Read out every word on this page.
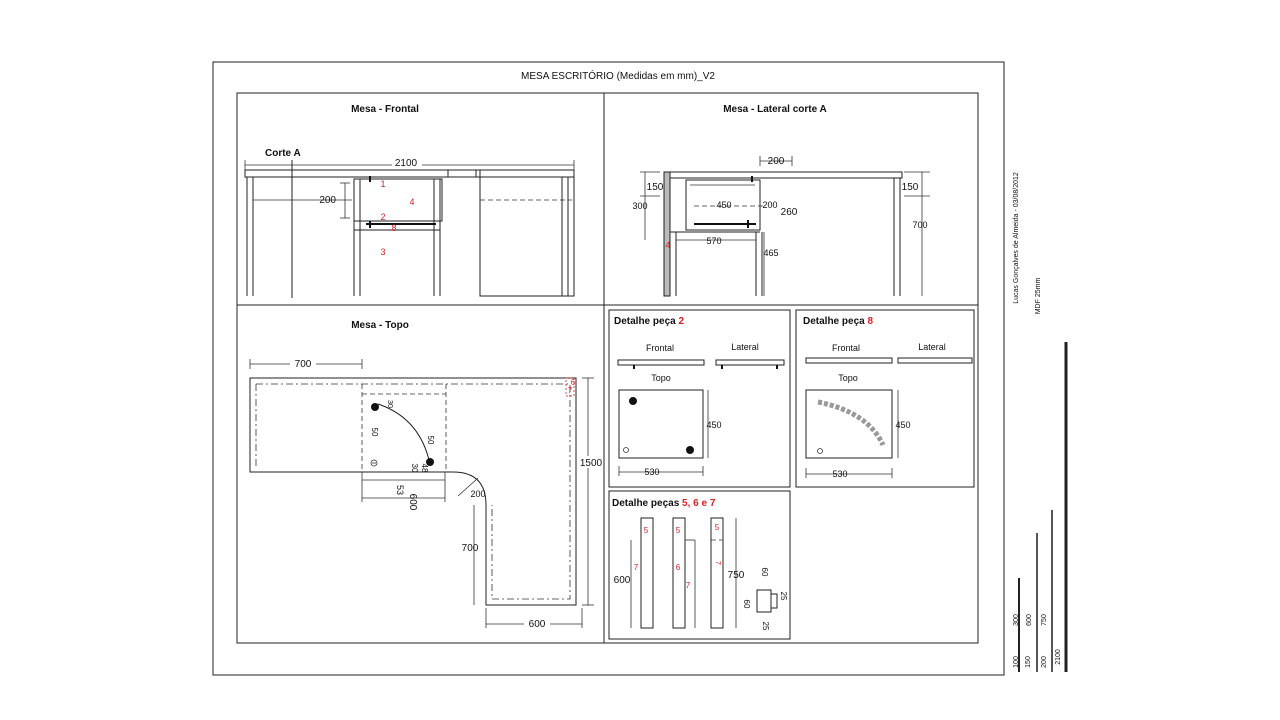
MESA ESCRITÓRIO (Medidas em mm)_V2
Mesa - Frontal
Corte A
2100
200
1
4
2
8
3
Mesa - Lateral corte A
200
150
300	450	200
260
570
4
465
150
700
Mesa - Topo
700
7
6
30
50
50
30 48
53
600	200
1500
700
600
Detalhe peça 2
Frontal	Lateral
Topo
450
530
Detalhe peça 8
Frontal	Lateral
Topo
450
530
Detalhe peças 5, 6 e 7
5
7
600
5
6
7
5
7
750 60
25
60
25
Lucas Gonçalves de Almeida - 03/08/2012 MDF 25mm
100 150 200 2100
300 600 750
